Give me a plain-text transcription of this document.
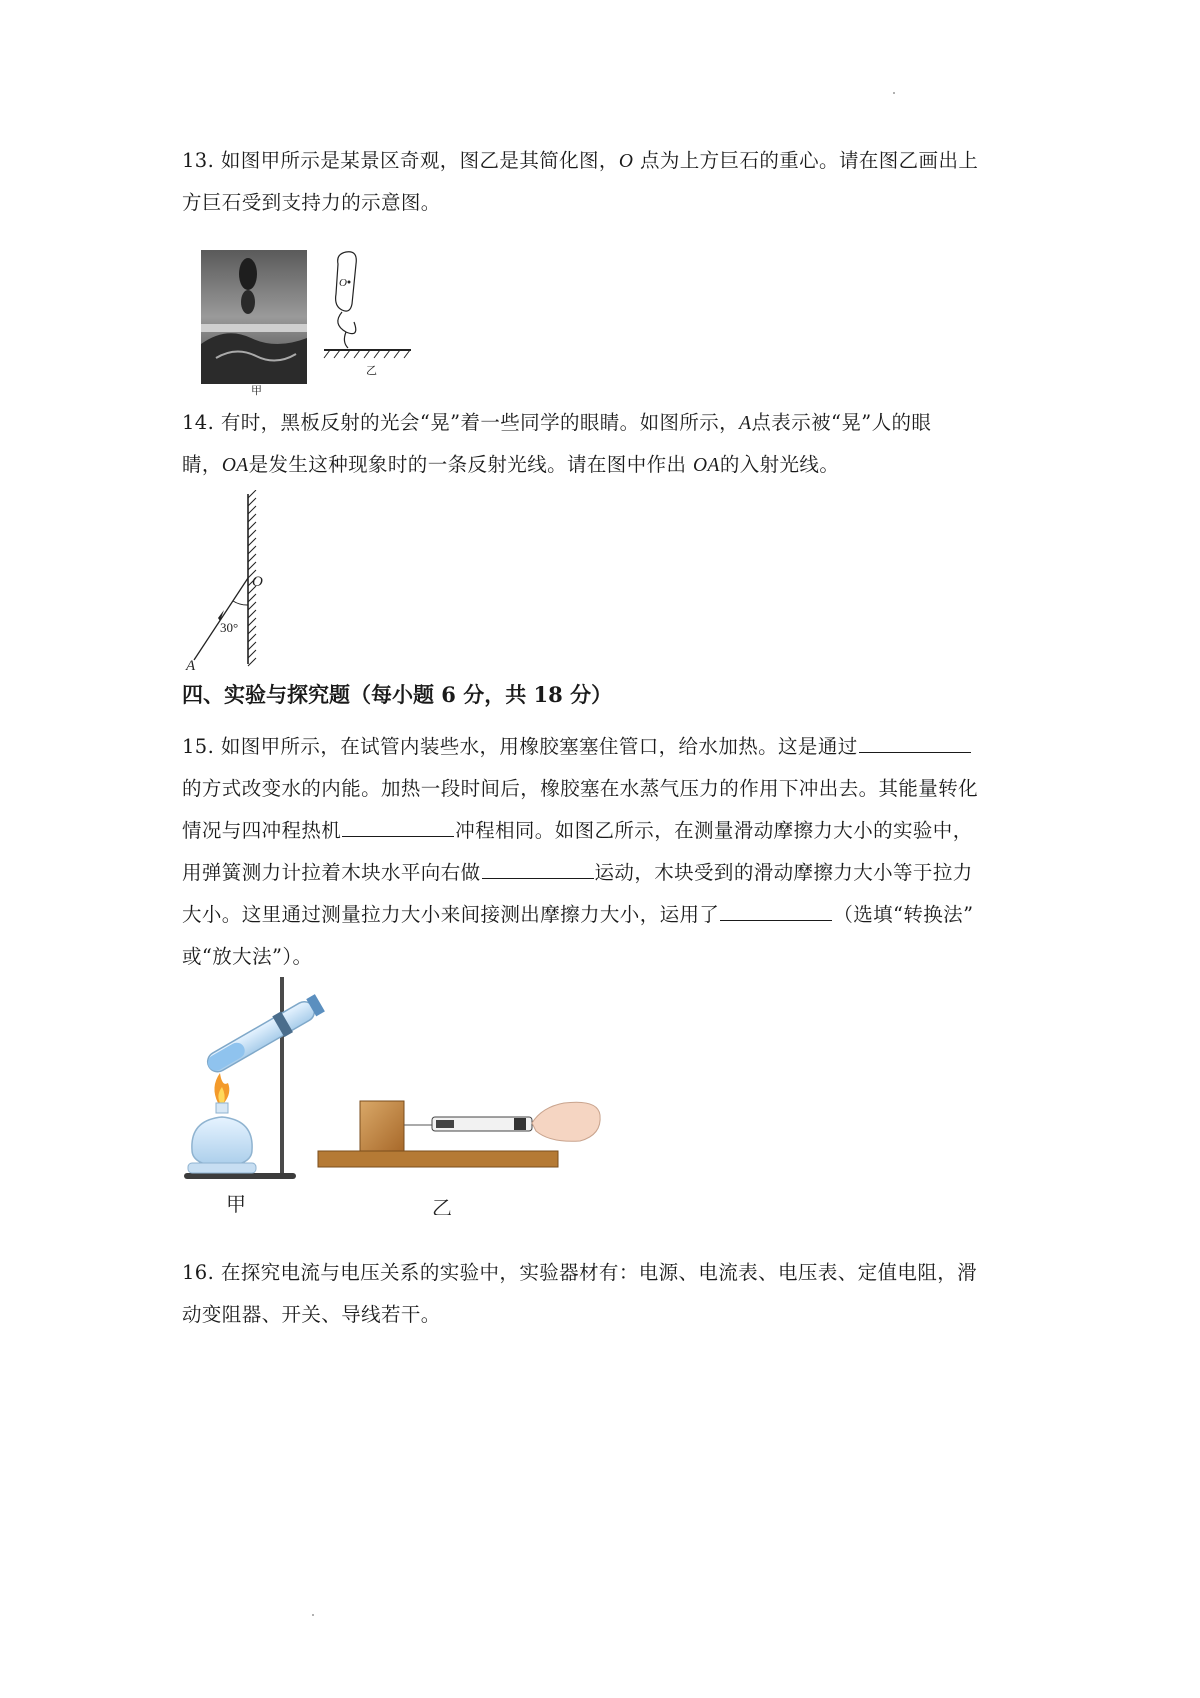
13. 如图甲所示是某景区奇观，图乙是其简化图，O 点为上方巨石的重心。请在图乙画出上
方巨石受到支持力的示意图。
O
甲
乙
14. 有时，黑板反射的光会“晃”着一些同学的眼睛。如图所示，A点表示被“晃”人的眼
睛，OA是发生这种现象时的一条反射光线。请在图中作出 OA的入射光线。
O
30°
A
四、实验与探究题（每小题 6 分，共 18 分）
15. 如图甲所示，在试管内装些水，用橡胶塞塞住管口，给水加热。这是通过
的方式改变水的内能。加热一段时间后，橡胶塞在水蒸气压力的作用下冲出去。其能量转化
情况与四冲程热机	冲程相同。如图乙所示，在测量滑动摩擦力大小的实验中，
用弹簧测力计拉着木块水平向右做	运动，木块受到的滑动摩擦力大小等于拉力
大小。这里通过测量拉力大小来间接测出摩擦力大小，运用了	（选填“转换法”
或“放大法”）。
甲	乙
16. 在探究电流与电压关系的实验中，实验器材有：电源、电流表、电压表、定值电阻，滑
动变阻器、开关、导线若干。
